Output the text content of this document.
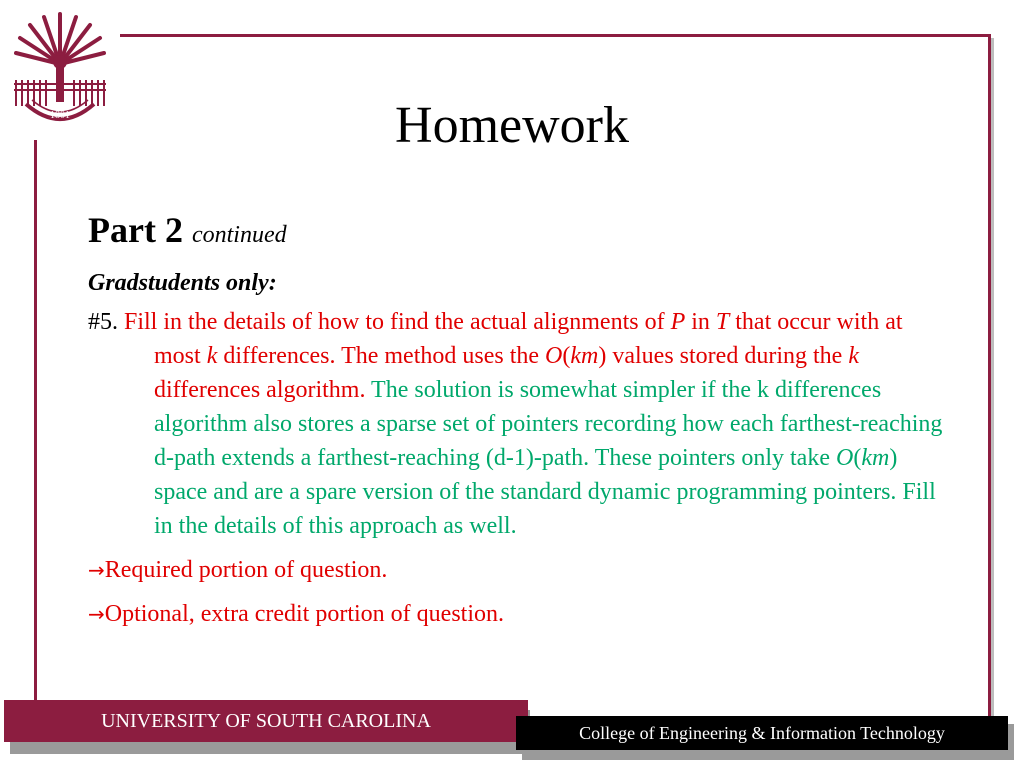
1801	Homework
Part 2 continued
Gradstudents only:
#5. Fill in the details of how to find the actual alignments of P in T that occur with at most k differences. The method uses the O(km) values stored during the k differences algorithm. The solution is somewhat simpler if the k differences algorithm also stores a sparse set of pointers recording how each farthest-reaching d-path extends a farthest-reaching (d-1)-path. These pointers only take O(km) space and are a spare version of the standard dynamic programming pointers. Fill in the details of this approach as well.
→Required portion of question.
→Optional, extra credit portion of question.
UNIVERSITY OF SOUTH CAROLINA
College of Engineering & Information Technology
